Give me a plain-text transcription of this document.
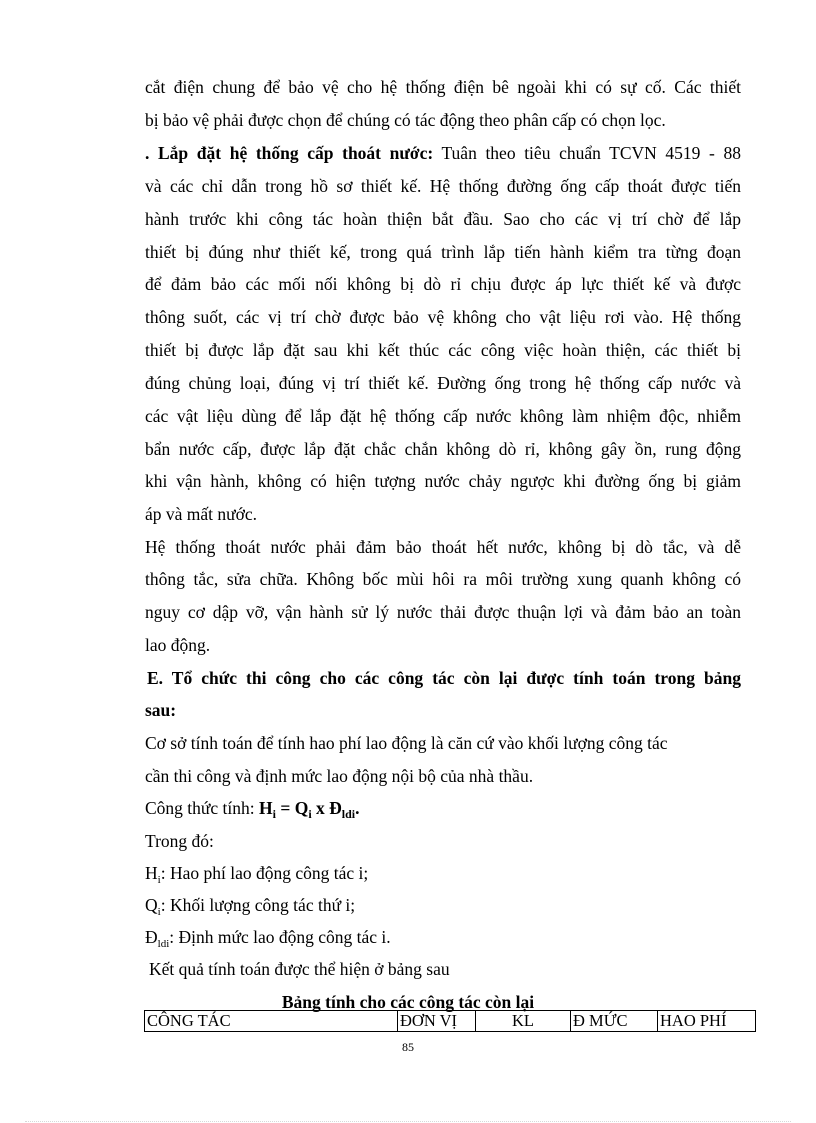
cắt điện chung để bảo vệ cho hệ thống điện bê ngoài khi có sự cố. Các thiết
bị bảo vệ phải được chọn để chúng có tác động theo phân cấp có chọn lọc.
. Lắp đặt hệ thống cấp thoát nước: Tuân theo tiêu chuẩn TCVN 4519 - 88
và các chỉ dẫn trong hồ sơ thiết kế. Hệ thống đường ống cấp thoát được tiến
hành trước khi công tác hoàn thiện bắt đầu. Sao cho các vị trí chờ để lắp
thiết bị đúng như thiết kế, trong quá trình lắp tiến hành kiểm tra từng đoạn
để đảm bảo các mối nối không bị dò rỉ chịu được áp lực thiết kế và được
thông suốt, các vị trí chờ được bảo vệ không cho vật liệu rơi vào. Hệ thống
thiết bị được lắp đặt sau khi kết thúc các công việc hoàn thiện, các thiết bị
đúng chủng loại, đúng vị trí thiết kế. Đường ống trong hệ thống cấp nước và
các vật liệu dùng để lắp đặt hệ thống cấp nước không làm nhiệm độc, nhiễm
bẩn nước cấp, được lắp đặt chắc chắn không dò rỉ, không gây ồn, rung động
khi vận hành, không có hiện tượng nước chảy ngược khi đường ống bị giảm
áp và mất nước.
Hệ thống thoát nước phải đảm bảo thoát hết nước, không bị dò tắc, và dễ
thông tắc, sửa chữa. Không bốc mùi hôi ra môi trường xung quanh không có
nguy cơ dập vỡ, vận hành sử lý nước thải được thuận lợi và đảm bảo an toàn
lao động.
E. Tổ chức thi công cho các công tác còn lại được tính toán trong bảng
sau:
Cơ sở tính toán để tính hao phí lao động là căn cứ vào khối lượng công tác
cần thi công và định mức lao động nội bộ của nhà thầu.
Công thức tính: $H_i = Q_i$ x $Đ_{ldi}$.
Trong đó:
$H_i$: Hao phí lao động công tác i;
$Q_i$: Khối lượng công tác thứ i;
$Đ_{ldi}$: Định mức lao động công tác i.
Kết quả tính toán được thể hiện ở bảng sau
Bảng tính cho các công tác còn lại
CÔNG TÁC	ĐƠN VỊ	KL	Đ MỨC	HAO PHÍ
85
